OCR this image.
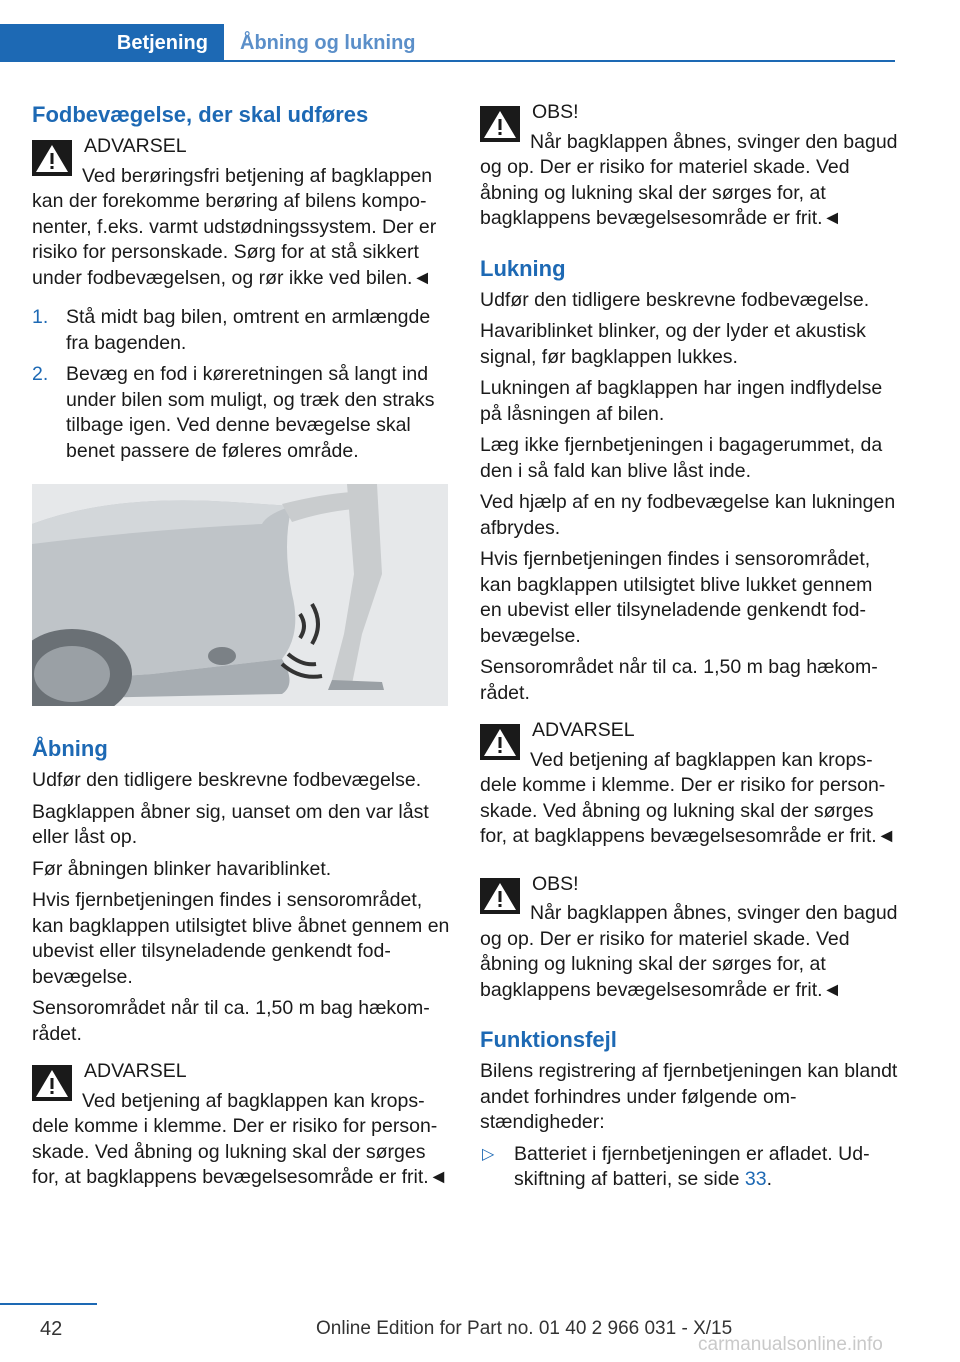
Betjening Åbning og lukning
Fodbevægelse, der skal udføres
ADVARSEL
Ved berøringsfri betjening af bagklappen kan der forekomme berøring af bilens komponenter, f.eks. varmt udstødningssystem. Der er risiko for personskade. Sørg for at stå sikkert under fodbevægelsen, og rør ikke ved bilen.◄
1. Stå midt bag bilen, omtrent en armlængde fra bagenden.
2. Bevæg en fod i køreretningen så langt ind under bilen som muligt, og træk den straks tilbage igen. Ved denne bevægelse skal benet passere de føleres område.
Åbning

Udfør den tidligere beskrevne fodbevægelse.

Bagklappen åbner sig, uanset om den var låst eller låst op.

Før åbningen blinker havariblinket.

Hvis fjernbetjeningen findes i sensorområdet, kan bagklappen utilsigtet blive åbnet gennem en ubevist eller tilsyneladende genkendt fodbevægelse.

Sensorområdet når til ca. 1,50 m bag hækområdet.

ADVARSEL
Ved betjening af bagklappen kan kropsdele komme i klemme. Der er risiko for personskade. Ved åbning og lukning skal der sørges for, at bagklappens bevægelsesområde er frit.◄
OBS!
Når bagklappen åbnes, svinger den bagud og op. Der er risiko for materiel skade. Ved åbning og lukning skal der sørges for, at bagklappens bevægelsesområde er frit.◄
Lukning

Udfør den tidligere beskrevne fodbevægelse.

Havariblinket blinker, og der lyder et akustisk signal, før bagklappen lukkes.

Lukningen af bagklappen har ingen indflydelse på låsningen af bilen.

Læg ikke fjernbetjeningen i bagagerummet, da den i så fald kan blive låst inde.

Ved hjælp af en ny fodbevægelse kan lukningen afbrydes.

Hvis fjernbetjeningen findes i sensorområdet, kan bagklappen utilsigtet blive lukket gennem en ubevist eller tilsyneladende genkendt fodbevægelse.

Sensorområdet når til ca. 1,50 m bag hækområdet.

ADVARSEL
Ved betjening af bagklappen kan kropsdele komme i klemme. Der er risiko for personskade. Ved åbning og lukning skal der sørges for, at bagklappens bevægelsesområde er frit.◄
OBS!
Når bagklappen åbnes, svinger den bagud og op. Der er risiko for materiel skade. Ved åbning og lukning skal der sørges for, at bagklappens bevægelsesområde er frit.◄
Funktionsfejl

Bilens registrering af fjernbetjeningen kan blandt andet forhindres under følgende omstændigheder:

▷ Batteriet i fjernbetjeningen er afladet. Udskiftning af batteri, se side 33.
42	Online Edition for Part no. 01 40 2 966 031 - X/15
carmanualsonline.info
